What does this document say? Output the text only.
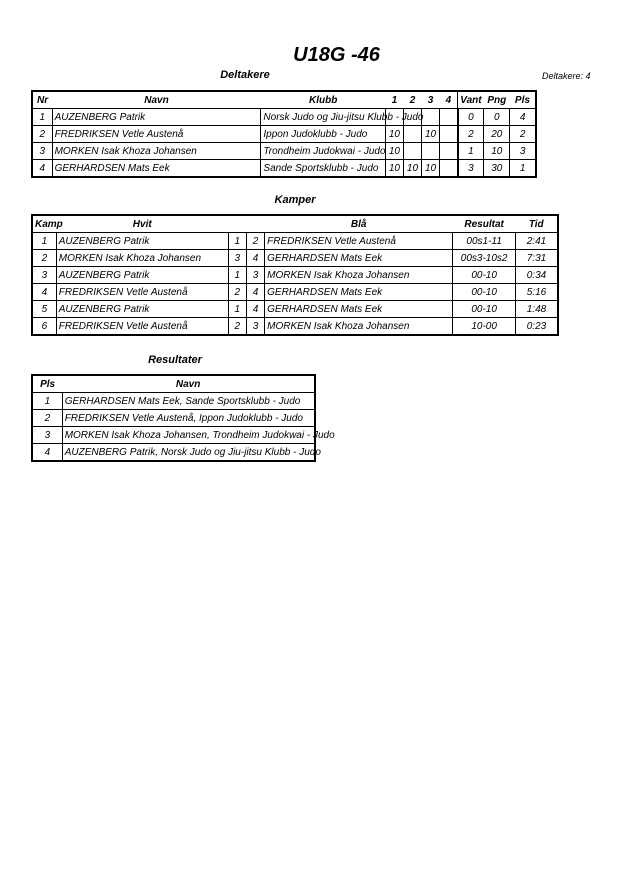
U18G -46
Deltakere	Deltakere: 4
Nr	Navn	Klubb	1	2	3	4	Vant	Png	Pls
1	AUZENBERG Patrik	Norsk Judo og Jiu-jitsu Klubb - Judo					0	0	4
2	FREDRIKSEN Vetle Austenå	Ippon Judoklubb - Judo	10		10		2	20	2
3	MORKEN Isak Khoza Johansen	Trondheim Judokwai - Judo	10				1	10	3
4	GERHARDSEN Mats Eek	Sande Sportsklubb - Judo	10	10	10		3	30	1
Kamper
Kamp	Hvit			Blå	Resultat	Tid
1	AUZENBERG Patrik	1	2	FREDRIKSEN Vetle Austenå	00s1-11	2:41
2	MORKEN Isak Khoza Johansen	3	4	GERHARDSEN Mats Eek	00s3-10s2	7:31
3	AUZENBERG Patrik	1	3	MORKEN Isak Khoza Johansen	00-10	0:34
4	FREDRIKSEN Vetle Austenå	2	4	GERHARDSEN Mats Eek	00-10	5:16
5	AUZENBERG Patrik	1	4	GERHARDSEN Mats Eek	00-10	1:48
6	FREDRIKSEN Vetle Austenå	2	3	MORKEN Isak Khoza Johansen	10-00	0:23
Resultater
Pls	Navn
1	GERHARDSEN Mats Eek, Sande Sportsklubb - Judo
2	FREDRIKSEN Vetle Austenå, Ippon Judoklubb - Judo
3	MORKEN Isak Khoza Johansen, Trondheim Judokwai - Judo
4	AUZENBERG Patrik, Norsk Judo og Jiu-jitsu Klubb - Judo
